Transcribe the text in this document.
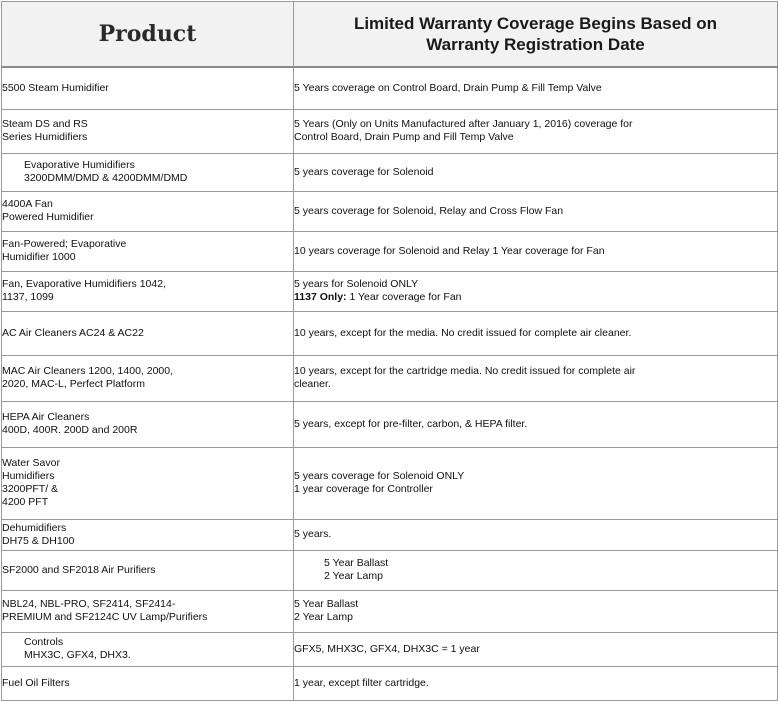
Product	Limited Warranty Coverage Begins Based on
Warranty Registration Date
5500 Steam Humidifier	5 Years coverage on Control Board, Drain Pump & Fill Temp Valve
Steam DS and RS
Series Humidifiers	5 Years (Only on Units Manufactured after January 1, 2016) coverage for
Control Board, Drain Pump and Fill Temp Valve
Evaporative Humidifiers
3200DMM/DMD & 4200DMM/DMD	5 years coverage for Solenoid
4400A Fan
Powered Humidifier	5 years coverage for Solenoid, Relay and Cross Flow Fan
Fan-Powered; Evaporative
Humidifier 1000	10 years coverage for Solenoid and Relay 1 Year coverage for Fan
Fan, Evaporative Humidifiers 1042,
1137, 1099	5 years for Solenoid ONLY
1137 Only: 1 Year coverage for Fan
AC Air Cleaners AC24 & AC22	10 years, except for the media. No credit issued for complete air cleaner.
MAC Air Cleaners 1200, 1400, 2000,
2020, MAC-L, Perfect Platform	10 years, except for the cartridge media. No credit issued for complete air
cleaner.
HEPA Air Cleaners
400D, 400R. 200D and 200R	5 years, except for pre-filter, carbon, & HEPA filter.
Water Savor
Humidifiers
3200PFT/ &
4200 PFT	5 years coverage for Solenoid ONLY
1 year coverage for Controller
Dehumidifiers
DH75 & DH100	5 years.
SF2000 and SF2018 Air Purifiers	5 Year Ballast
2 Year Lamp
NBL24, NBL-PRO, SF2414, SF2414-
PREMIUM and SF2124C UV Lamp/Purifiers	5 Year Ballast
2 Year Lamp
Controls
MHX3C, GFX4, DHX3.	GFX5, MHX3C, GFX4, DHX3C = 1 year
Fuel Oil Filters	1 year, except filter cartridge.
